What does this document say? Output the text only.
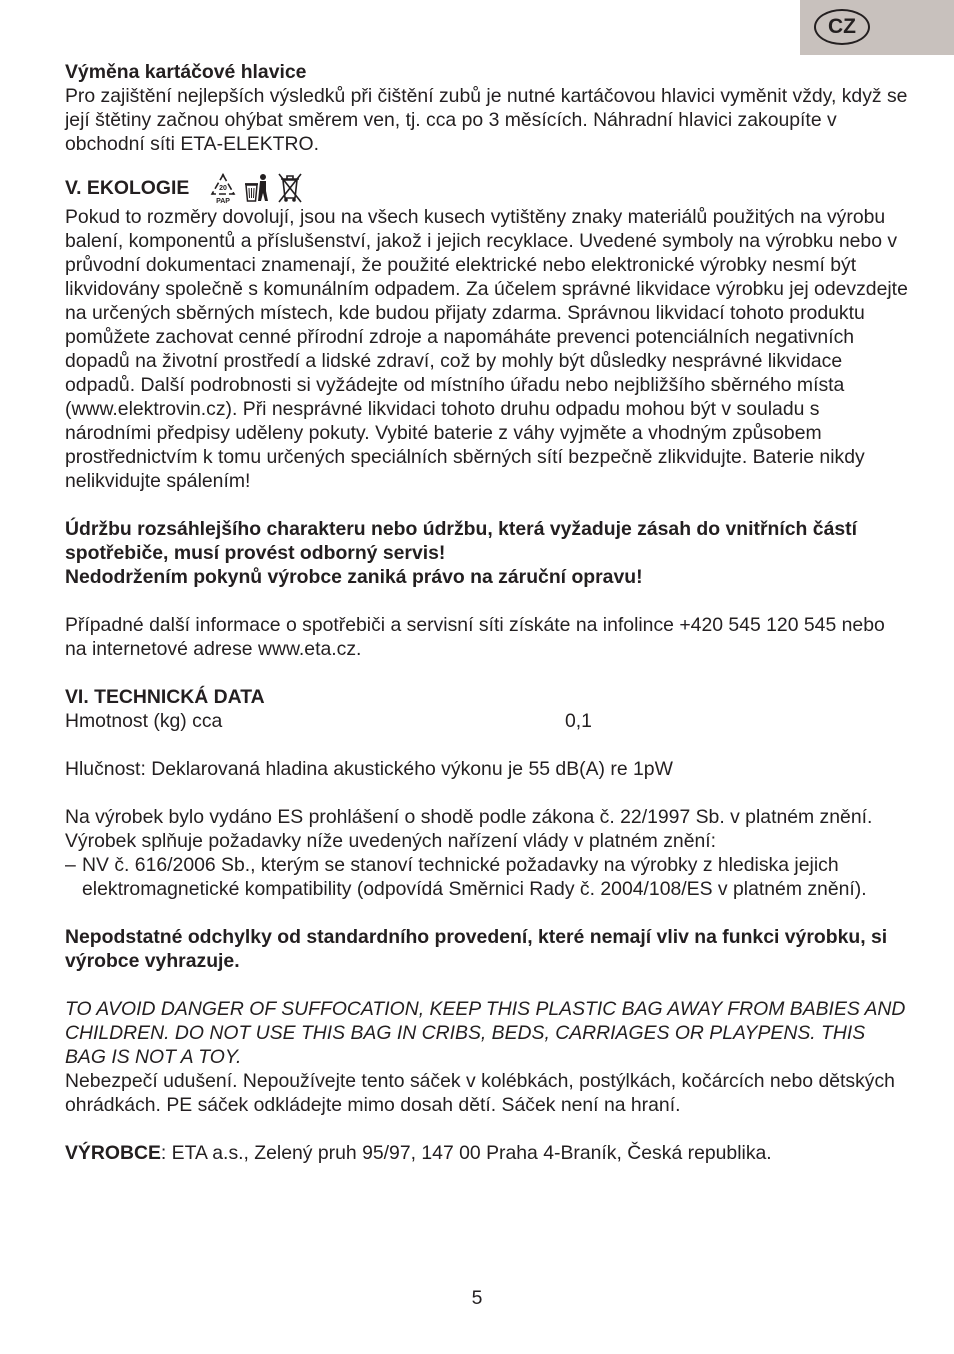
CZ

Výměna kartáčové hlavice

Pro zajištění nejlepších výsledků při čištění zubů je nutné kartáčovou hlavici vyměnit vždy, když se její štětiny začnou ohýbat směrem ven, tj. cca po 3 měsících. Náhradní hlavici zakoupíte v obchodní síti ETA-ELEKTRO.

V. EKOLOGIE	20
PAP

Pokud to rozměry dovolují, jsou na všech kusech vytištěny znaky materiálů použitých na výrobu balení, komponentů a příslušenství, jakož i jejich recyklace. Uvedené symboly na výrobku nebo v průvodní dokumentaci znamenají, že použité elektrické nebo elektronické výrobky nesmí být likvidovány společně s komunálním odpadem. Za účelem správné likvidace výrobku jej odevzdejte na určených sběrných místech, kde budou přijaty zdarma. Správnou likvidací tohoto produktu pomůžete zachovat cenné přírodní zdroje a napomáháte prevenci potenciálních negativních dopadů na životní prostředí a lidské zdraví, což by mohly být důsledky nesprávné likvidace odpadů. Další podrobnosti si vyžádejte od místního úřadu nebo nejbližšího sběrného místa (www.elektrovin.cz). Při nesprávné likvidaci tohoto druhu odpadu mohou být v souladu s národními předpisy uděleny pokuty. Vybité baterie z váhy vyjměte a vhodným způsobem prostřednictvím k tomu určených speciálních sběrných sítí bezpečně zlikvidujte. Baterie nikdy nelikvidujte spálením!

Údržbu rozsáhlejšího charakteru nebo údržbu, která vyžaduje zásah do vnitřních částí spotřebiče, musí provést odborný servis!

Nedodržením pokynů výrobce zaniká právo na záruční opravu!

Případné další informace o spotřebiči a servisní síti získáte na infolince +420 545 120 545 nebo na internetové adrese www.eta.cz.

VI. TECHNICKÁ DATA

Hmotnost (kg) cca	0,1

Hlučnost: Deklarovaná hladina akustického výkonu je 55 dB(A) re 1pW

Na výrobek bylo vydáno ES prohlášení o shodě podle zákona č. 22/1997 Sb. v platném znění. Výrobek splňuje požadavky níže uvedených nařízení vlády v platném znění:

– NV č. 616/2006 Sb., kterým se stanoví technické požadavky na výrobky z hlediska jejich elektromagnetické kompatibility (odpovídá Směrnici Rady č. 2004/108/ES v platném znění).

Nepodstatné odchylky od standardního provedení, které nemají vliv na funkci výrobku, si výrobce vyhrazuje.

TO AVOID DANGER OF SUFFOCATION, KEEP THIS PLASTIC BAG AWAY FROM BABIES AND CHILDREN. DO NOT USE THIS BAG IN CRIBS, BEDS, CARRIAGES OR PLAYPENS. THIS BAG IS NOT A TOY.

Nebezpečí udušení. Nepoužívejte tento sáček v kolébkách, postýlkách, kočárcích nebo dětských ohrádkách. PE sáček odkládejte mimo dosah dětí. Sáček není na hraní.

VÝROBCE: ETA a.s., Zelený pruh 95/97, 147 00 Praha 4-Braník, Česká republika.

5
